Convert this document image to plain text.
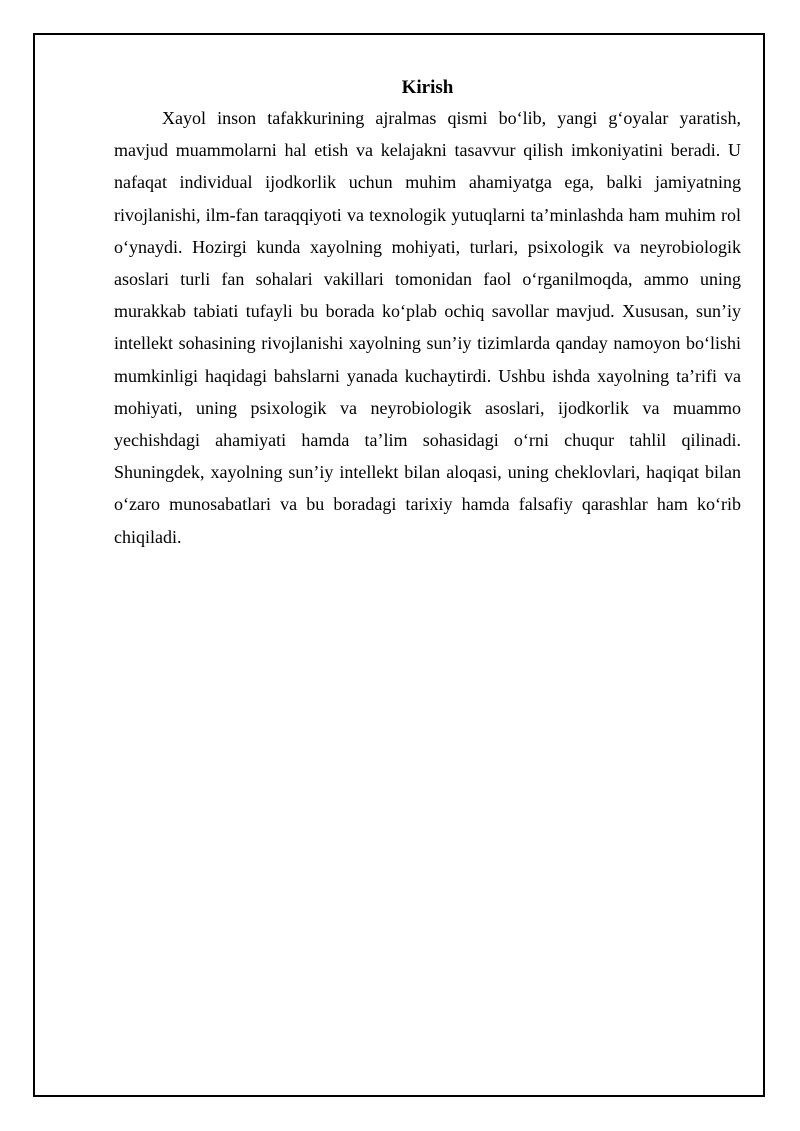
Kirish

Xayol inson tafakkurining ajralmas qismi bo‘lib, yangi g‘oyalar yaratish, mavjud muammolarni hal etish va kelajakni tasavvur qilish imkoniyatini beradi. U nafaqat individual ijodkorlik uchun muhim ahamiyatga ega, balki jamiyatning rivojlanishi, ilm-fan taraqqiyoti va texnologik yutuqlarni ta’minlashda ham muhim rol o‘ynaydi. Hozirgi kunda xayolning mohiyati, turlari, psixologik va neyrobiologik asoslari turli fan sohalari vakillari tomonidan faol o‘rganilmoqda, ammo uning murakkab tabiati tufayli bu borada ko‘plab ochiq savollar mavjud. Xususan, sun’iy intellekt sohasining rivojlanishi xayolning sun’iy tizimlarda qanday namoyon bo‘lishi mumkinligi haqidagi bahslarni yanada kuchaytirdi. Ushbu ishda xayolning ta’rifi va mohiyati, uning psixologik va neyrobiologik asoslari, ijodkorlik va muammo yechishdagi ahamiyati hamda ta’lim sohasidagi o‘rni chuqur tahlil qilinadi. Shuningdek, xayolning sun’iy intellekt bilan aloqasi, uning cheklovlari, haqiqat bilan o‘zaro munosabatlari va bu boradagi tarixiy hamda falsafiy qarashlar ham ko‘rib chiqiladi.
